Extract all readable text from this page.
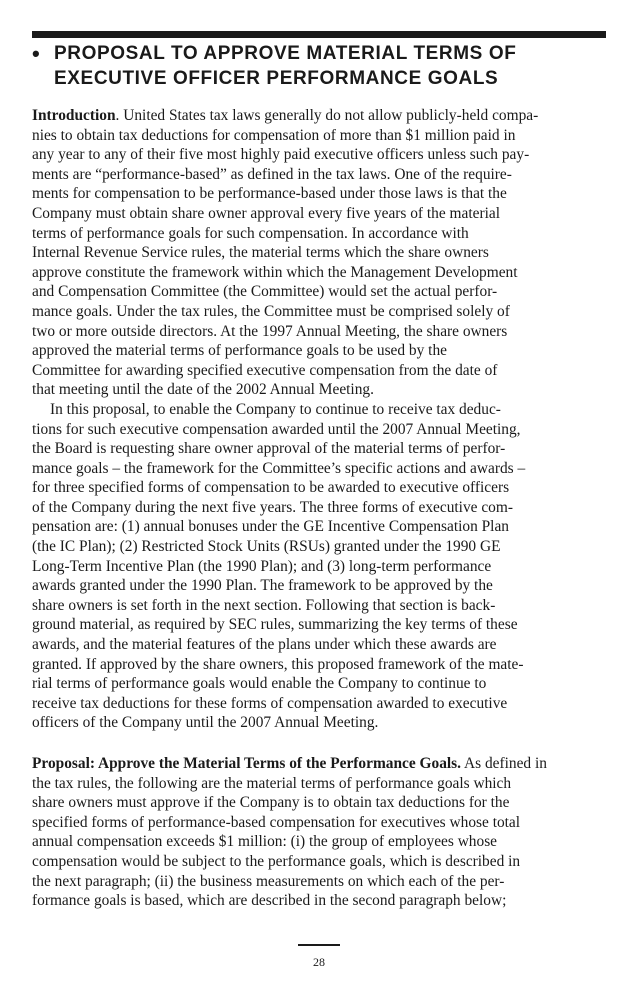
• PROPOSAL TO APPROVE MATERIAL TERMS OF
EXECUTIVE OFFICER PERFORMANCE GOALS
Introduction. United States tax laws generally do not allow publicly-held compa-
nies to obtain tax deductions for compensation of more than $1 million paid in
any year to any of their five most highly paid executive officers unless such pay-
ments are “performance-based” as defined in the tax laws. One of the require-
ments for compensation to be performance-based under those laws is that the
Company must obtain share owner approval every five years of the material
terms of performance goals for such compensation. In accordance with
Internal Revenue Service rules, the material terms which the share owners
approve constitute the framework within which the Management Development
and Compensation Committee (the Committee) would set the actual perfor-
mance goals. Under the tax rules, the Committee must be comprised solely of
two or more outside directors. At the 1997 Annual Meeting, the share owners
approved the material terms of performance goals to be used by the
Committee for awarding specified executive compensation from the date of
that meeting until the date of the 2002 Annual Meeting.
In this proposal, to enable the Company to continue to receive tax deduc-
tions for such executive compensation awarded until the 2007 Annual Meeting,
the Board is requesting share owner approval of the material terms of perfor-
mance goals – the framework for the Committee’s specific actions and awards –
for three specified forms of compensation to be awarded to executive officers
of the Company during the next five years. The three forms of executive com-
pensation are: (1) annual bonuses under the GE Incentive Compensation Plan
(the IC Plan); (2) Restricted Stock Units (RSUs) granted under the 1990 GE
Long-Term Incentive Plan (the 1990 Plan); and (3) long-term performance
awards granted under the 1990 Plan. The framework to be approved by the
share owners is set forth in the next section. Following that section is back-
ground material, as required by SEC rules, summarizing the key terms of these
awards, and the material features of the plans under which these awards are
granted. If approved by the share owners, this proposed framework of the mate-
rial terms of performance goals would enable the Company to continue to
receive tax deductions for these forms of compensation awarded to executive
officers of the Company until the 2007 Annual Meeting.
Proposal: Approve the Material Terms of the Performance Goals. As defined in
the tax rules, the following are the material terms of performance goals which
share owners must approve if the Company is to obtain tax deductions for the
specified forms of performance-based compensation for executives whose total
annual compensation exceeds $1 million: (i) the group of employees whose
compensation would be subject to the performance goals, which is described in
the next paragraph; (ii) the business measurements on which each of the per-
formance goals is based, which are described in the second paragraph below;
28
